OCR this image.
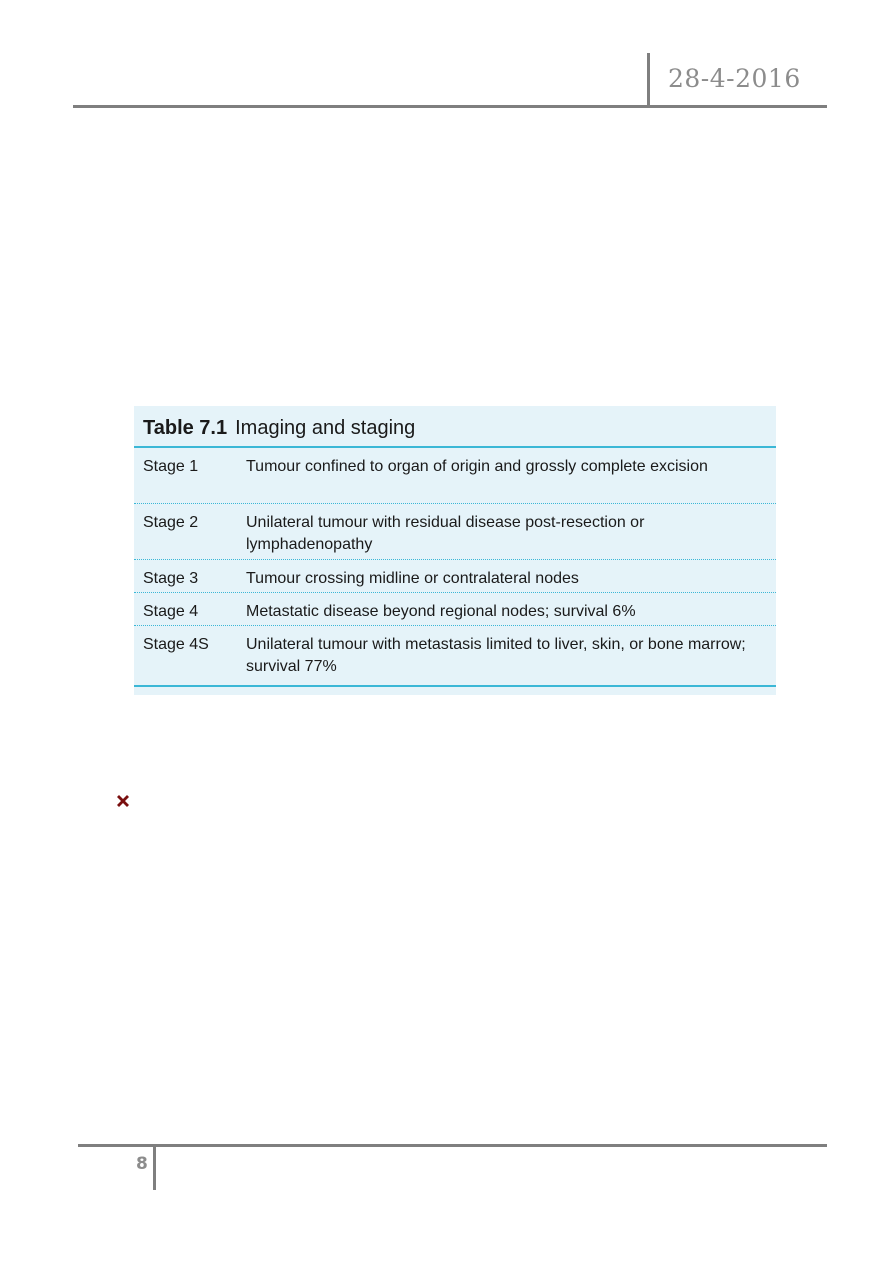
28-4-2016
Table 7.1 Imaging and staging
Stage 1	Tumour confined to organ of origin and grossly complete excision
Stage 2	Unilateral tumour with residual disease post-resection or lymphadenopathy
Stage 3	Tumour crossing midline or contralateral nodes
Stage 4	Metastatic disease beyond regional nodes; survival 6%
Stage 4S Unilateral tumour with metastasis limited to liver, skin, or bone marrow; survival 77%
8
